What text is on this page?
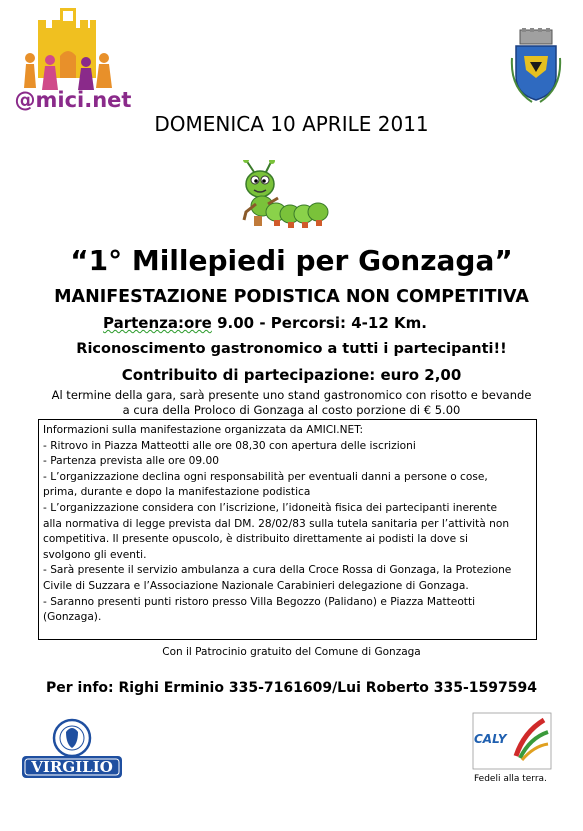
@mici.net
DOMENICA 10 APRILE 2011
“1° Millepiedi per Gonzaga”
MANIFESTAZIONE PODISTICA NON COMPETITIVA
Partenza:ore 9.00 - Percorsi: 4-12 Km.
Riconoscimento gastronomico a tutti i partecipanti!!
Contribuito di partecipazione: euro 2,00
Al termine della gara, sarà presente uno stand gastronomico con risotto e bevande
a cura della Proloco di Gonzaga al costo porzione di € 5.00
Informazioni sulla manifestazione organizzata da AMICI.NET:
- Ritrovo in Piazza Matteotti alle ore 08,30 con apertura delle iscrizioni
- Partenza prevista alle ore 09.00
- L’organizzazione declina ogni responsabilità per eventuali danni a persone o cose,
prima, durante e dopo la manifestazione podistica
- L’organizzazione considera con l’iscrizione, l’idoneità fisica dei partecipanti inerente
alla normativa di legge prevista dal DM. 28/02/83 sulla tutela sanitaria per l’attività non
competitiva. Il presente opuscolo, è distribuito direttamente ai podisti la dove si
svolgono gli eventi.
- Sarà presente il servizio ambulanza a cura della Croce Rossa di Gonzaga, la Protezione
Civile di Suzzara e l’Associazione Nazionale Carabinieri delegazione di Gonzaga.
- Saranno presenti punti ristoro presso Villa Begozzo (Palidano) e Piazza Matteotti
(Gonzaga).
Con il Patrocinio gratuito del Comune di Gonzaga
Per info: Righi Erminio 335-7161609/Lui Roberto 335-1597594
VIRGILIO
CALY
Fedeli alla terra.
